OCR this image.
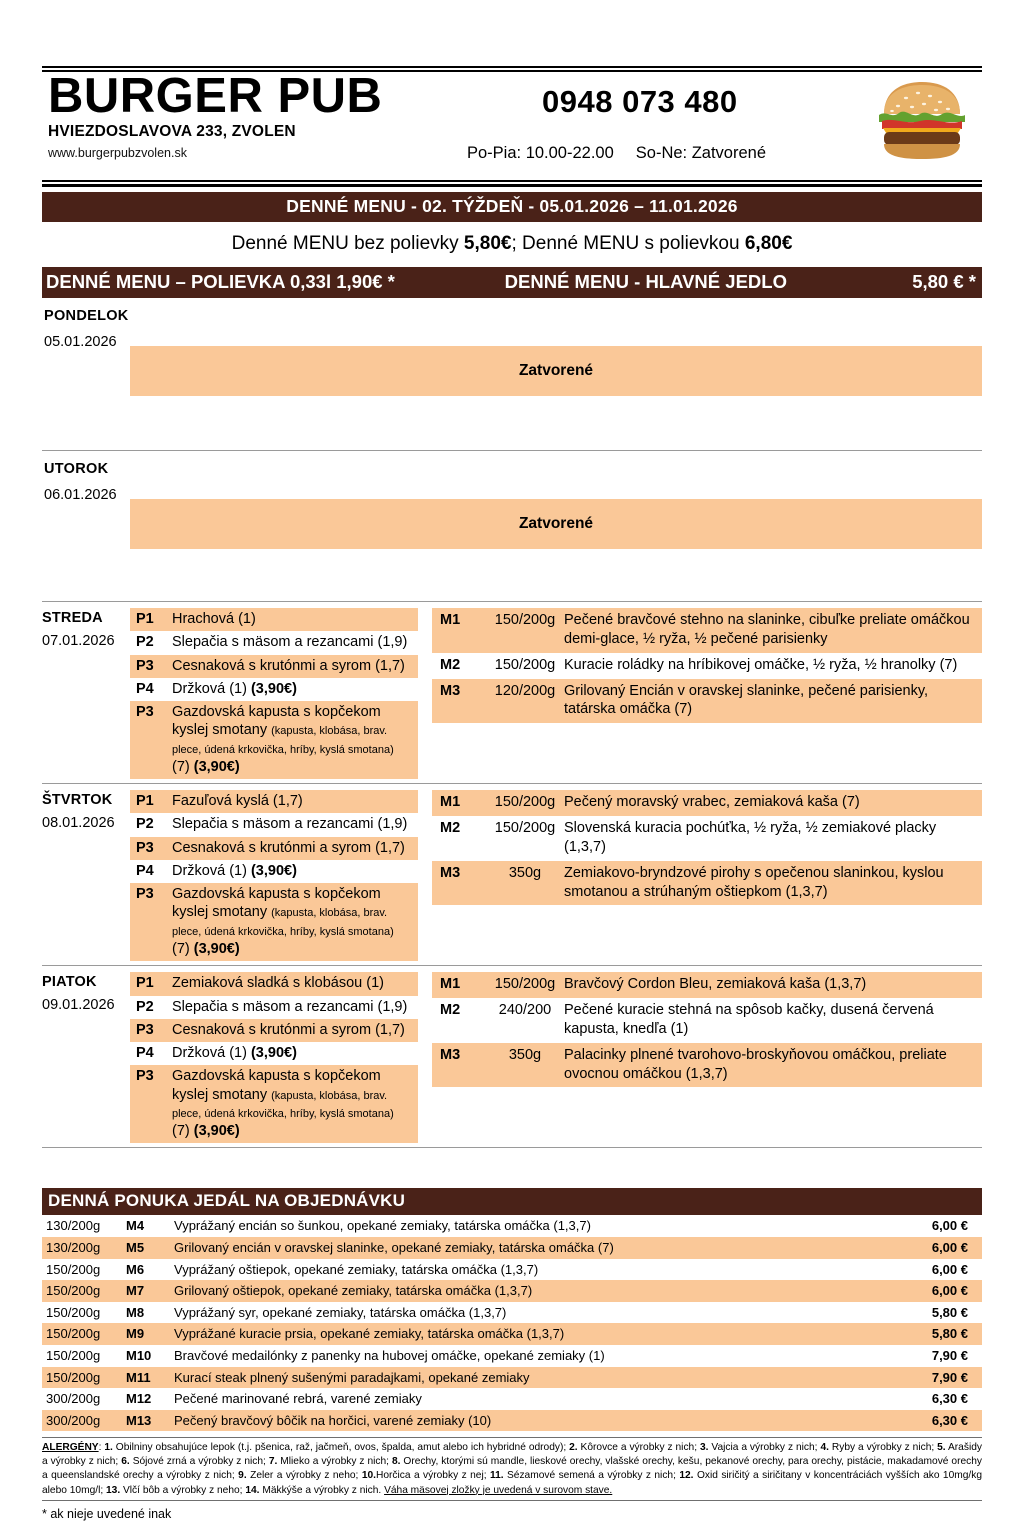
BURGER PUB
HVIEZDOSLAVOVA 233, ZVOLEN
www.burgerpubzvolen.sk
0948 073 480
Po-Pia: 10.00-22.00 So-Ne: Zatvorené
DENNÉ MENU - 02. TÝŽDEŇ - 05.01.2026 – 11.01.2026
Denné MENU bez polievky 5,80€; Denné MENU s polievkou 6,80€
DENNÉ MENU – POLIEVKA 0,33l 1,90€ *	DENNÉ MENU - HLAVNÉ JEDLO	5,80 € *
PONDELOK
05.01.2026
Zatvorené
UTOROK
06.01.2026
Zatvorené
STREDA
07.01.2026
P1	Hrachová (1)
P2	Slepačia s mäsom a rezancami (1,9)
P3	Cesnaková s krutónmi a syrom (1,7)
P4	Držková (1) (3,90€)
P3	Gazdovská kapusta s kopčekom kyslej smotany (kapusta, klobása, brav. plece, údená krkovička, hríby, kyslá smotana) (7) (3,90€)
M1	150/200g Pečené bravčové stehno na slaninke, cibuľke preliate omáčkou demi-glace, ½ ryža, ½ pečené parisienky
M2	150/200g Kuracie roládky na hríbikovej omáčke, ½ ryža, ½ hranolky (7)
M3	120/200g Grilovaný Encián v oravskej slaninke, pečené parisienky, tatárska omáčka (7)
ŠTVRTOK
08.01.2026
P1	Fazuľová kyslá (1,7)
P2	Slepačia s mäsom a rezancami (1,9)
P3	Cesnaková s krutónmi a syrom (1,7)
P4	Držková (1) (3,90€)
P3	Gazdovská kapusta s kopčekom kyslej smotany (kapusta, klobása, brav. plece, údená krkovička, hríby, kyslá smotana) (7) (3,90€)
M1	150/200g Pečený moravský vrabec, zemiaková kaša (7)
M2	150/200g Slovenská kuracia pochúťka, ½ ryža, ½ zemiakové placky (1,3,7)
M3	350g	Zemiakovo-bryndzové pirohy s opečenou slaninkou, kyslou smotanou a strúhaným oštiepkom (1,3,7)
PIATOK
09.01.2026
P1	Zemiaková sladká s klobásou (1)
P2	Slepačia s mäsom a rezancami (1,9)
P3	Cesnaková s krutónmi a syrom (1,7)
P4	Držková (1) (3,90€)
P3	Gazdovská kapusta s kopčekom kyslej smotany (kapusta, klobása, brav. plece, údená krkovička, hríby, kyslá smotana) (7) (3,90€)
M1	150/200g Bravčový Cordon Bleu, zemiaková kaša (1,3,7)
M2	240/200 Pečené kuracie stehná na spôsob kačky, dusená červená kapusta, knedľa (1)
M3	350g	Palacinky plnené tvarohovo-broskyňovou omáčkou, preliate ovocnou omáčkou (1,3,7)
DENNÁ PONUKA JEDÁL NA OBJEDNÁVKU
130/200g	M4	Vyprážaný encián so šunkou, opekané zemiaky, tatárska omáčka (1,3,7)	6,00 €
130/200g	M5	Grilovaný encián v oravskej slaninke, opekané zemiaky, tatárska omáčka (7)	6,00 €
150/200g	M6	Vyprážaný oštiepok, opekané zemiaky, tatárska omáčka (1,3,7)	6,00 €
150/200g	M7	Grilovaný oštiepok, opekané zemiaky, tatárska omáčka (1,3,7)	6,00 €
150/200g	M8	Vyprážaný syr, opekané zemiaky, tatárska omáčka (1,3,7)	5,80 €
150/200g	M9	Vyprážané kuracie prsia, opekané zemiaky, tatárska omáčka (1,3,7)	5,80 €
150/200g	M10	Bravčové medailónky z panenky na hubovej omáčke, opekané zemiaky (1)	7,90 €
150/200g	M11	Kurací steak plnený sušenými paradajkami, opekané zemiaky	7,90 €
300/200g	M12	Pečené marinované rebrá, varené zemiaky	6,30 €
300/200g	M13	Pečený bravčový bôčik na horčici, varené zemiaky (10)	6,30 €
ALERGÉNY: 1. Obilniny obsahujúce lepok (t.j. pšenica, raž, jačmeň, ovos, špalda, amut alebo ich hybridné odrody); 2. Kôrovce a výrobky z nich; 3. Vajcia a výrobky z nich; 4. Ryby a výrobky z nich; 5. Arašidy a výrobky z nich; 6. Sójové zrná a výrobky z nich; 7. Mlieko a výrobky z nich; 8. Orechy, ktorými sú mandle, lieskové orechy, vlašské orechy, kešu, pekanové orechy, para orechy, pistácie, makadamové orechy a queenslandské orechy a výrobky z nich; 9. Zeler a výrobky z neho; 10.Horčica a výrobky z nej; 11. Sézamové semená a výrobky z nich; 12. Oxid siričitý a siričitany v koncentráciách vyšších ako 10mg/kg alebo 10mg/l; 13. Vlčí bôb a výrobky z neho; 14. Mäkkýše a výrobky z nich. Váha mäsovej zložky je uvedená v surovom stave.
* ak nieje uvedené inak
